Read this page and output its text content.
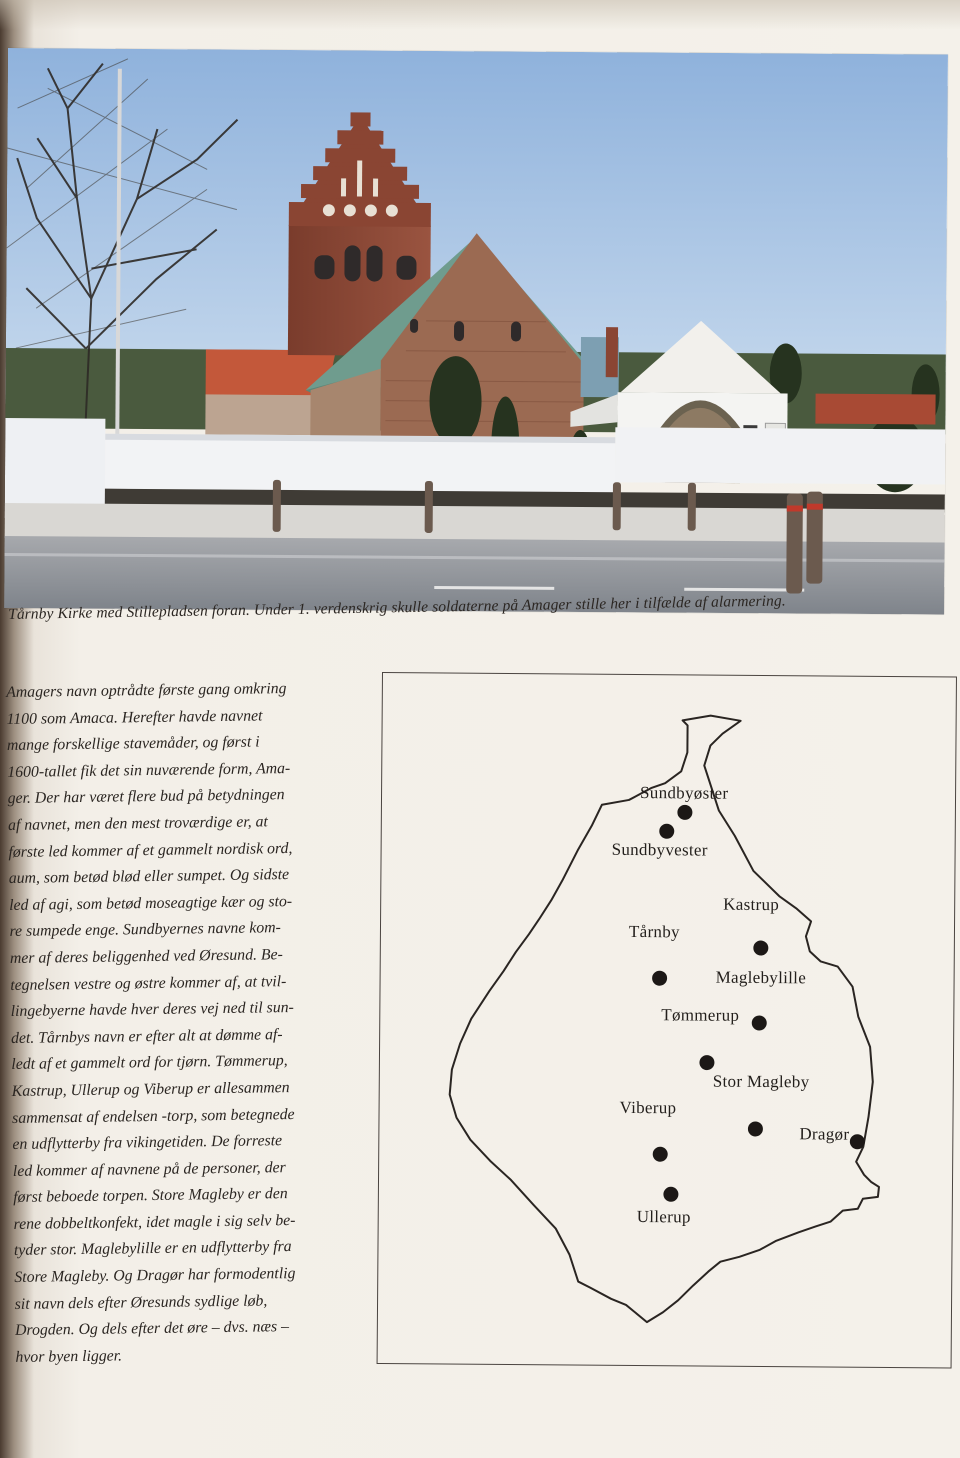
Tårnby Kirke med Stillepladsen foran. Under 1. verdenskrig skulle soldaterne på Amager stille her i tilfælde af alarmering.
Amagers navn optrådte første gang omkring
1100 som Amaca. Herefter havde navnet
mange forskellige stavemåder, og først i
1600-tallet fik det sin nuværende form, Ama-
ger. Der har været flere bud på betydningen
af navnet, men den mest troværdige er, at
første led kommer af et gammelt nordisk ord,
aum, som betød blød eller sumpet. Og sidste
led af agi, som betød moseagtige kær og sto-
re sumpede enge. Sundbyernes navne kom-
mer af deres beliggenhed ved Øresund. Be-
tegnelsen vestre og østre kommer af, at tvil-
lingebyerne havde hver deres vej ned til sun-
det. Tårnbys navn er efter alt at dømme af-
ledt af et gammelt ord for tjørn. Tømmerup,
Kastrup, Ullerup og Viberup er allesammen
sammensat af endelsen -torp, som betegnede
en udflytterby fra vikingetiden. De forreste
led kommer af navnene på de personer, der
først beboede torpen. Store Magleby er den
rene dobbeltkonfekt, idet magle i sig selv be-
tyder stor. Maglebylille er en udflytterby fra
Store Magleby. Og Dragør har formodentlig
sit navn dels efter Øresunds sydlige løb,
Drogden. Og dels efter det øre – dvs. næs –
hvor byen ligger.
Sundbyøster
Sundbyvester
Kastrup
Tårnby
Maglebylille
Tømmerup
Stor Magleby
Viberup
Dragør
Ullerup
